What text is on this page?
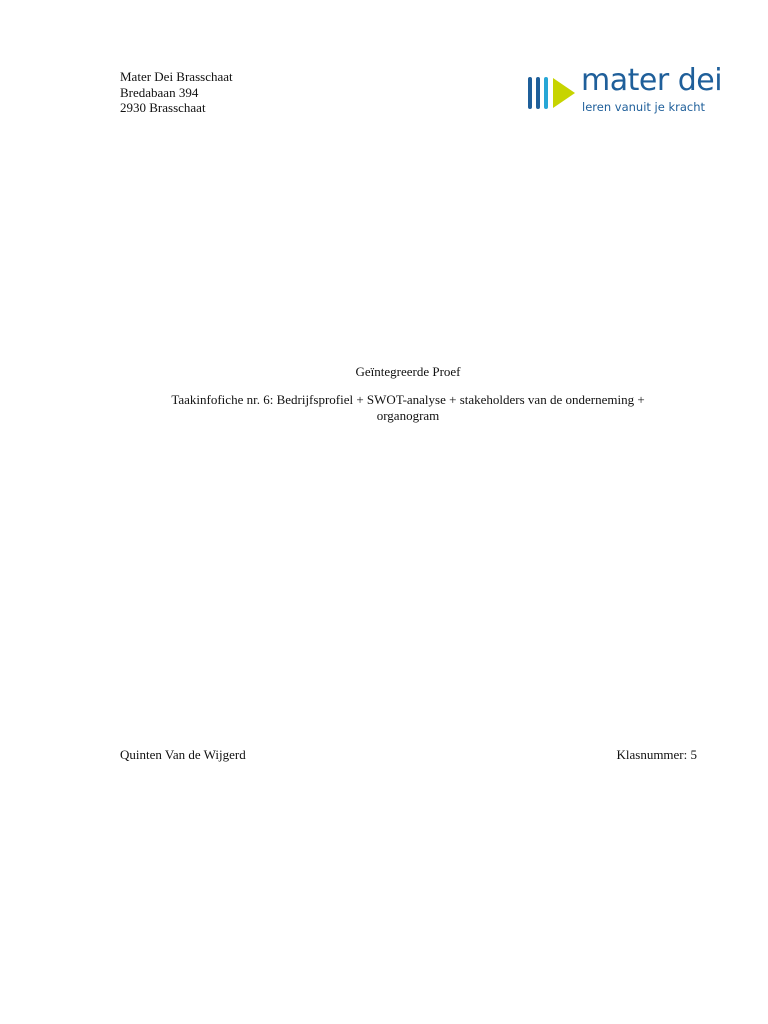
Mater Dei Brasschaat
Bredabaan 394
2930 Brasschaat
mater dei
leren vanuit je kracht
Geïntegreerde Proef
Taakinfofiche nr. 6: Bedrijfsprofiel + SWOT-analyse + stakeholders van de onderneming +
organogram
Quinten Van de Wijgerd	Klasnummer: 5
